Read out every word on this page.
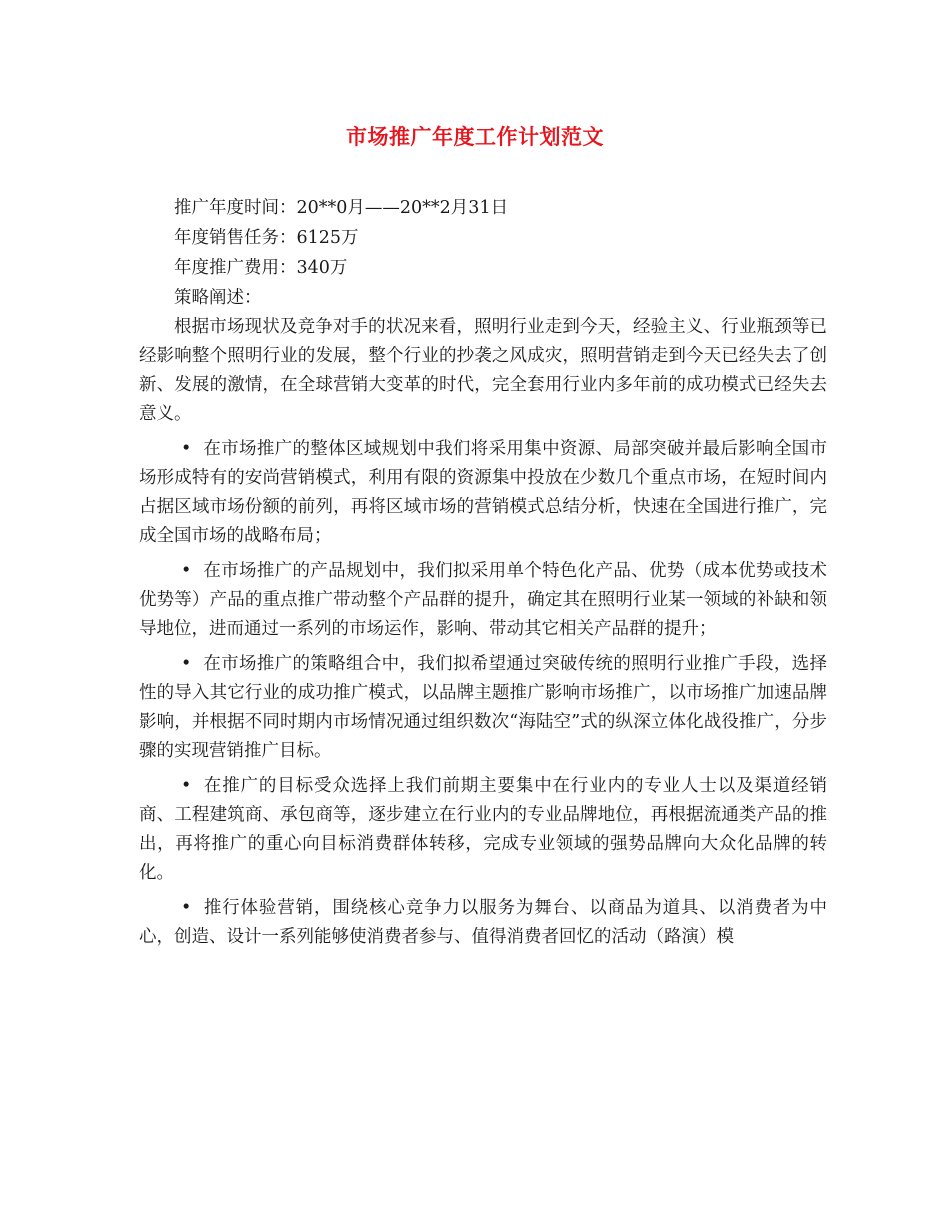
市场推广年度工作计划范文

推广年度时间：20**0月——20**2月31日

年度销售任务：6125万

年度推广费用：340万

策略阐述：

根据市场现状及竞争对手的状况来看，照明行业走到今天，经验主义、行业瓶颈等已经影响整个照明行业的发展，整个行业的抄袭之风成灾，照明营销走到今天已经失去了创新、发展的激情，在全球营销大变革的时代，完全套用行业内多年前的成功模式已经失去意义。

• 在市场推广的整体区域规划中我们将采用集中资源、局部突破并最后影响全国市场形成特有的安尚营销模式，利用有限的资源集中投放在少数几个重点市场，在短时间内占据区域市场份额的前列，再将区域市场的营销模式总结分析，快速在全国进行推广，完成全国市场的战略布局；

• 在市场推广的产品规划中，我们拟采用单个特色化产品、优势（成本优势或技术优势等）产品的重点推广带动整个产品群的提升，确定其在照明行业某一领域的补缺和领导地位，进而通过一系列的市场运作，影响、带动其它相关产品群的提升；

• 在市场推广的策略组合中，我们拟希望通过突破传统的照明行业推广手段，选择性的导入其它行业的成功推广模式，以品牌主题推广影响市场推广，以市场推广加速品牌影响，并根据不同时期内市场情况通过组织数次“海陆空”式的纵深立体化战役推广，分步骤的实现营销推广目标。

• 在推广的目标受众选择上我们前期主要集中在行业内的专业人士以及渠道经销商、工程建筑商、承包商等，逐步建立在行业内的专业品牌地位，再根据流通类产品的推出，再将推广的重心向目标消费群体转移，完成专业领域的强势品牌向大众化品牌的转化。

• 推行体验营销，围绕核心竞争力以服务为舞台、以商品为道具、以消费者为中心，创造、设计一系列能够使消费者参与、值得消费者回忆的活动（路演）模
